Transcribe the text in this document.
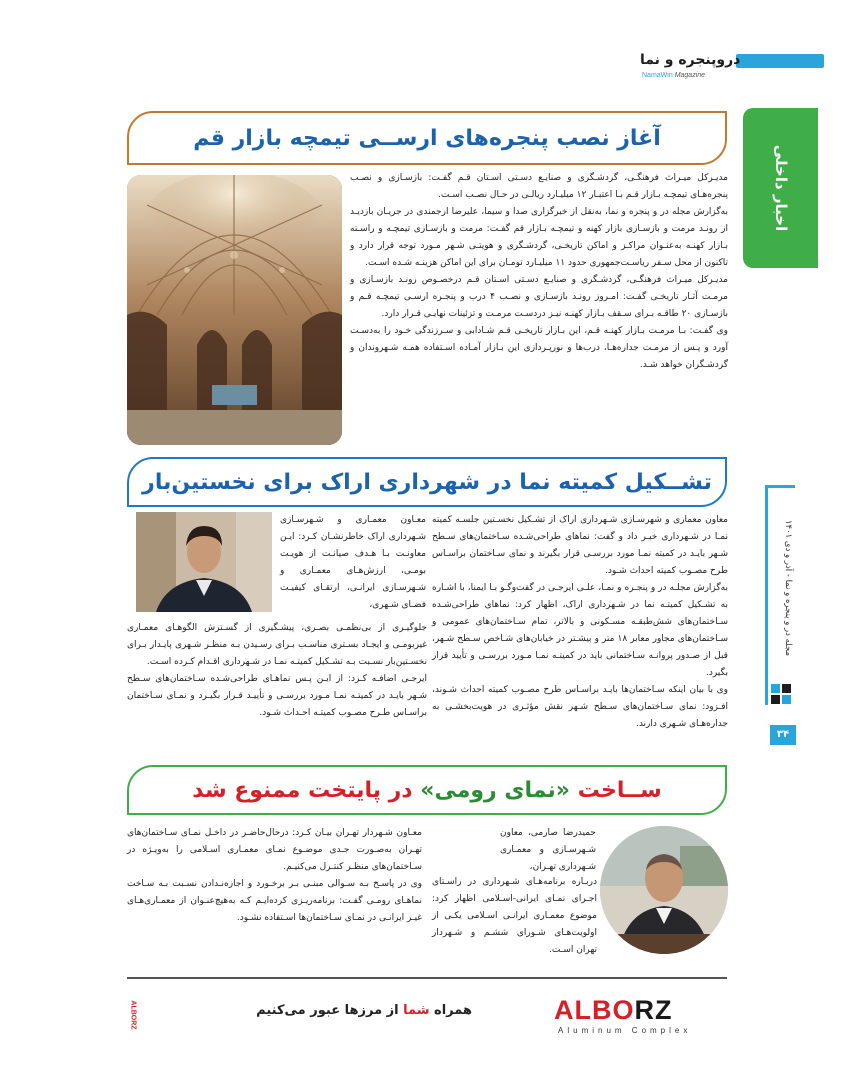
دروپنجره و نما
NamaWin Magazine
اخبار داخلی
مجله در و پنجره و نما - آذر و دی ۱۴۰۱
۳۴
آغاز نصب پنجره‌های ارســی تیمچه بازار قم

مدیـرکل میـراث فرهنگـی، گردشـگری و صنایـع دسـتی اسـتان قـم گفـت: بازسـازی و نصـب پنجره‌هـای تیمچـه بـازار قـم بـا اعتبـار ۱۲ میلیـارد ریالـی در حـال نصـب اسـت.

به‌گزارش مجله در و پنجره و نما، به‌نقل از خبرگزاری صدا و سیما، علیرضا ارجمندی در جریـان بازدیـد از رونـد مرمت و بازسـازی بازار کهنه و تیمچـه بـازار قم گفـت: مرمت و بازسـازی تیمچـه و راسـته بـازار کهنـه به‌عنـوان مراکـز و اماکن تاریخـی، گردشـگری و هویتـی شـهر مـورد توجه قرار دارد و تاکنون از محل سـفر ریاسـت‌جمهوری حدود ۱۱ میلیـارد تومـان برای این اماکن هزینـه شـده اسـت.

مدیـرکل میـراث فرهنگـی، گردشـگری و صنایـع دسـتی اسـتان قـم درخصـوص رونـد بازسـازی و مرمـت آثـار تاریخـی گفـت: امـروز رونـد بازسـازی و نصـب ۴ درب و پنجـره ارسـی تیمچـه قـم و بازسـازی ۲۰ طاقـه بـرای سـقف بـازار کهنـه نیـز دردسـت مرمـت و تزئینات نهایـی قـرار دارد.

وی گفـت: بـا مرمـت بـازار کهنـه قـم، این بـازار تاریخـی قـم شـادابی و سـرزندگی خـود را به‌دسـت آورد و پـس از مرمـت جداره‌هـا، درب‌ها و نورپـردازی این بـازار آمـاده اسـتفاده همـه شـهروندان و گردشـگران خواهد شـد.

تشــکیل کمیته نما در شهرداری اراک برای نخستین‌بار

معاون معماری و شهرسـازی شـهرداری اراک از تشـکیل نخسـتین جلسـه کمیته نمـا در شـهرداری خبـر داد و گفت: نماهای طراحی‌شـده سـاختمان‌های سـطح شـهر بایـد در کمیته نمـا مورد بررسـی قرار بگیرند و نمای سـاختمان براسـاس طرح مصـوب کمیته احداث شـود.

به‌گزارش مجلـه در و پنجـره و نمـا، علـی ایرجـی در گفت‌وگـو بـا ایمنا، با اشـاره به تشـکیل کمیتـه نما در شـهرداری اراک، اظهار کرد: نماهای طراحی‌شـده سـاختمان‌های شش‌طبقـه مسـکونی و بالاتر، تمام سـاختمان‌های عمومی و سـاختمان‌های مجاور معابر ۱۸ متر و بیشـتر در خیابان‌های شـاخص سـطح شـهر، قبل از صـدور پروانـه سـاختمانی باید در کمیتـه نمـا مـورد بررسـی و تأیید قرار بگیرد.

وی با بیان اینکه سـاختمان‌ها بایـد براسـاس طرح مصـوب کمیته احداث شـوند، افـزود: نمای سـاختمان‌های سـطح شـهر نقش مؤثـری در هویت‌بخشـی به جداره‌هـای شـهری دارند.

معـاون معمـاری و شـهرسـازی شـهرداری اراک خاطرنشـان کـرد: ایـن معاونـت بـا هـدف صیانـت از هویـت بومـی، ارزش‌هـای معمـاری و شـهرسـازی ایرانـی، ارتقـای کیفیـت فضـای شـهری،

جلوگیـری از بی‌نظمـی بصـری، پیشـگیری از گسـترش الگوهـای معمـاری غیربومـی و ایجـاد بسـتری مناسـب بـرای رسـیدن بـه منظـر شـهری پایـدار بـرای نخسـتین‌بار نسـبت بـه تشـکیل کمیتـه نمـا در شـهرداری اقـدام کـرده اسـت.

ایرجـی اضافـه کـرد: از ایـن پـس نماهـای طراحی‌شـده سـاختمان‌های سـطح شـهر بایـد در کمیتـه نمـا مـورد بررسـی و تأییـد قـرار بگیـرد و نمـای سـاختمان براسـاس طـرح مصـوب کمیتـه احـداث شـود.

ســاخت «نمای رومی» در پایتخت ممنوع شد

حمیدرضا صارمی، معاون شـهرسـازی و معمـاری شـهرداری تهـران،

دربـاره برنامه‌هـای شـهرداری در راسـتای اجـرای نمـای ایرانی-اسـلامی اظهار کرد: موضوع معمـاری ایرانـی اسـلامی یکـی از اولویت‌هـای شـورای ششـم و شـهردار تهران اسـت.

معـاون شـهردار تهـران بیـان کـرد: درحال‌حاضـر در داخـل نمـای سـاختمان‌های تهـران به‌صـورت جـدی موضـوع نمـای معمـاری اسـلامی را به‌ویـژه در سـاختمان‌های منظـر کنتـرل می‌کنیـم.

وی در پاسـخ بـه سـوالی مبنـی بـر برخـورد و اجازه‌نـدادن نسـبت بـه سـاخت نماهـای رومـی گفـت: برنامه‌ریـزی کرده‌ایـم کـه به‌هیچ‌عنـوان از معمـاری‌هـای غیـر ایرانـی در نمـای سـاختمان‌ها اسـتفاده نشـود.

ALBORZ	همراه شما از مرزها عبور می‌کنیم	ALBORZ
Aluminum Complex
